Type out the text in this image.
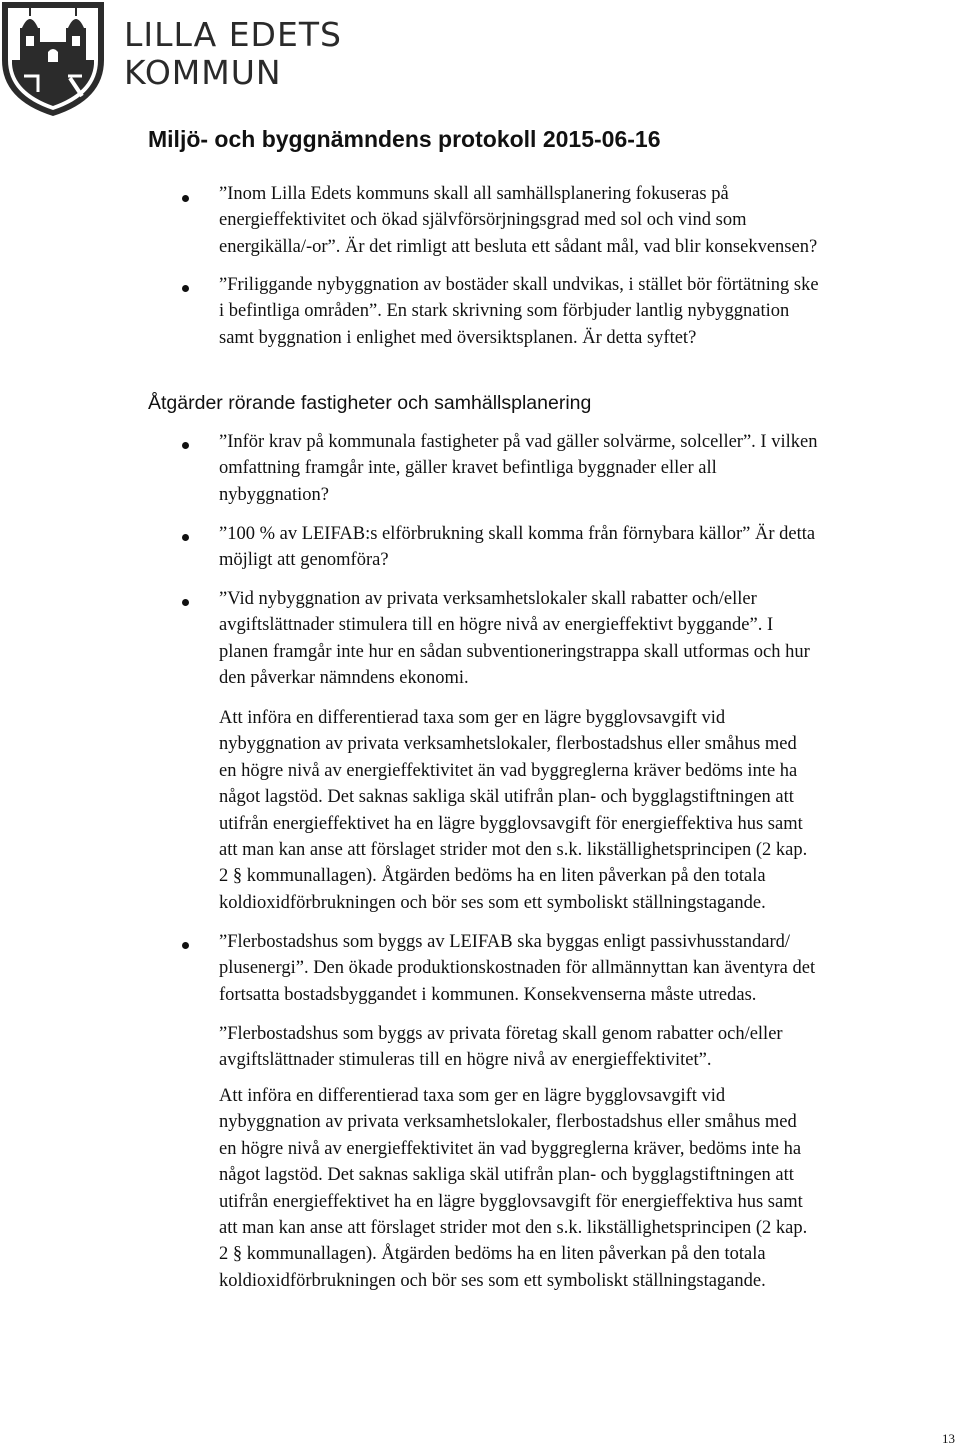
LILLA EDETS
KOMMUN
Miljö- och byggnämndens protokoll 2015-06-16
”Inom Lilla Edets kommuns skall all samhällsplanering fokuseras på
energieffektivitet och ökad självförsörjningsgrad med sol och vind som
energikälla/-or”. Är det rimligt att besluta ett sådant mål, vad blir konsekvensen?
”Friliggande nybyggnation av bostäder skall undvikas, i stället bör förtätning ske
i befintliga områden”. En stark skrivning som förbjuder lantlig nybyggnation
samt byggnation i enlighet med översiktsplanen. Är detta syftet?
Åtgärder rörande fastigheter och samhällsplanering
”Inför krav på kommunala fastigheter på vad gäller solvärme, solceller”. I vilken
omfattning framgår inte, gäller kravet befintliga byggnader eller all
nybyggnation?
”100 % av LEIFAB:s elförbrukning skall komma från förnybara källor” Är detta
möjligt att genomföra?
”Vid nybyggnation av privata verksamhetslokaler skall rabatter och/eller
avgiftslättnader stimulera till en högre nivå av energieffektivt byggande”. I
planen framgår inte hur en sådan subventioneringstrappa skall utformas och hur
den påverkar nämndens ekonomi.
Att införa en differentierad taxa som ger en lägre bygglovsavgift vid
nybyggnation av privata verksamhetslokaler, flerbostadshus eller småhus med
en högre nivå av energieffektivitet än vad byggreglerna kräver bedöms inte ha
något lagstöd. Det saknas sakliga skäl utifrån plan- och bygglagstiftningen att
utifrån energieffektivet ha en lägre bygglovsavgift för energieffektiva hus samt
att man kan anse att förslaget strider mot den s.k. likställighetsprincipen (2 kap.
2 § kommunallagen). Åtgärden bedöms ha en liten påverkan på den totala
koldioxidförbrukningen och bör ses som ett symboliskt ställningstagande.
”Flerbostadshus som byggs av LEIFAB ska byggas enligt passivhusstandard/
plusenergi”. Den ökade produktionskostnaden för allmännyttan kan äventyra det
fortsatta bostadsbyggandet i kommunen. Konsekvenserna måste utredas.
”Flerbostadshus som byggs av privata företag skall genom rabatter och/eller
avgiftslättnader stimuleras till en högre nivå av energieffektivitet”.
Att införa en differentierad taxa som ger en lägre bygglovsavgift vid
nybyggnation av privata verksamhetslokaler, flerbostadshus eller småhus med
en högre nivå av energieffektivitet än vad byggreglerna kräver, bedöms inte ha
något lagstöd. Det saknas sakliga skäl utifrån plan- och bygglagstiftningen att
utifrån energieffektivet ha en lägre bygglovsavgift för energieffektiva hus samt
att man kan anse att förslaget strider mot den s.k. likställighetsprincipen (2 kap.
2 § kommunallagen). Åtgärden bedöms ha en liten påverkan på den totala
koldioxidförbrukningen och bör ses som ett symboliskt ställningstagande.
13
